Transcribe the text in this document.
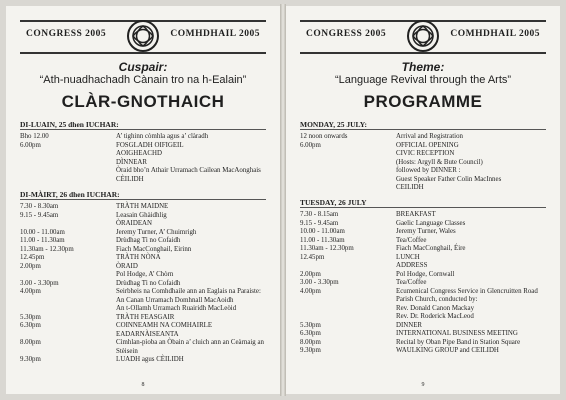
CONGRESS 2005	COMHDHAIL 2005
Cuspair:
“Ath-nuadhachadh Cànain tro na h-Ealain”
CLÀR-GNOTHAICH
DI-LUAIN, 25 dhen IUCHAR:
Bho 12.00	A’ tighinn còmhla agus a’ clàradh
6.00pm	FOSGLADH OIFIGEIL
AOIGHEACHD
DÌNNEAR
Òraid bho’n Athair Urramach Cailean MacAonghais
CÈILIDH
DI-MÀIRT, 26 dhen IUCHAR:
7.30 - 8.30am	TRÀTH MAIDNE
9.15 - 9.45am	Leasain Ghàidhlig
ÒRAIDEAN
10.00 - 11.00am	Jeremy Turner, A’ Chuimrigh
11.00 - 11.30am	Drùdhag Tì no Cofaidh
11.30am - 12.30pm	Fiach MacConghail, Eirinn
12.45pm	TRÀTH NÒNA
2.00pm	ÒRAID
Pol Hodge, A’ Chòrn
3.00 - 3.30pm	Drùdhag Tì no Cofaidh
4.00pm	Seirbheis na Comhdhaile ann an Eaglais na Paraiste:
An Canan Urramach Domhnall MacAoidh
An t-Ollamh Urramach Ruairidh MacLeòid
5.30pm	TRÀTH FEASGAIR
6.30pm	COINNEAMH NA COMHAIRLE
EADARNÀISEANTA
8.00pm	Cìmhlan-pìoba an Òbain a’ cluich ann an Ceàrnaig an Stèisein
9.30pm	LUADH agus CÈILIDH
8
CONGRESS 2005	COMHDHAIL 2005
Theme:
“Language Revival through the Arts”
PROGRAMME
MONDAY, 25 JULY:
12 noon onwards	Arrival and Registration
6.00pm	OFFICIAL OPENING
CIVIC RECEPTION
(Hosts: Argyll & Bute Council)
followed by DINNER :
Guest Speaker Father Colin MacInnes
CEILIDH
TUESDAY, 26 JULY
7.30 - 8.15am	BREAKFAST
9.15 - 9.45am	Gaelic Language Classes
10.00 - 11.00am	Jeremy Turner, Wales
11.00 - 11.30am	Tea/Coffee
11.30am - 12.30pm	Fiach MacConghail, Éire
12.45pm	LUNCH
ADDRESS
2.00pm	Pol Hodge, Cornwall
3.00 - 3.30pm	Tea/Coffee
4.00pm	Ecumenical Congress Service in Glencruitten Road
Parish Church, conducted by:
Rev. Donald Canon Mackay
Rev. Dr. Roderick MacLeod
5.30pm	DINNER
6.30pm	INTERNATIONAL BUSINESS MEETING
8.00pm	Recital by Oban Pipe Band in Station Square
9.30pm	WAULKING GROUP and CEILIDH
9
